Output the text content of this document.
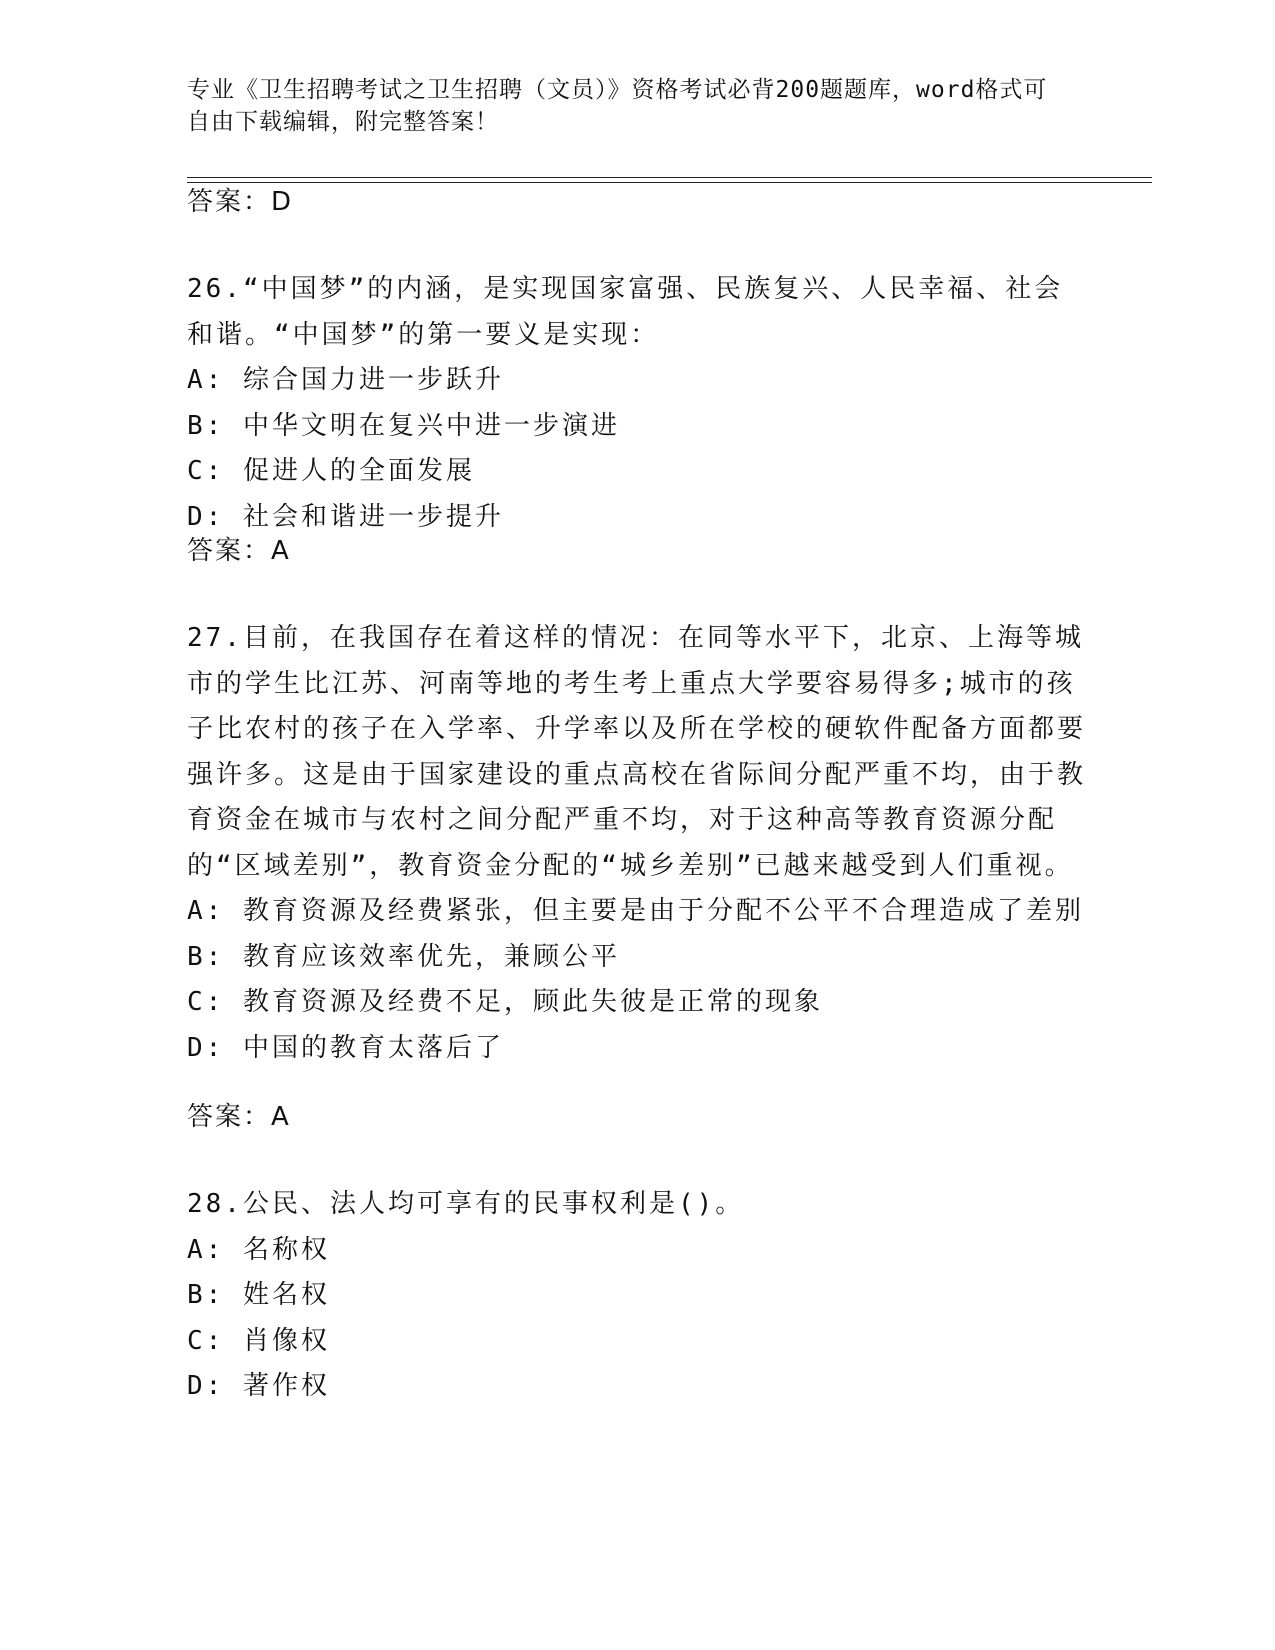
专业《卫生招聘考试之卫生招聘（文员）》资格考试必背200题题库，word格式可自由下载编辑，附完整答案！
答案：D

26.“中国梦”的内涵，是实现国家富强、民族复兴、人民幸福、社会和谐。“中国梦”的第一要义是实现：

A: 综合国力进一步跃升

B: 中华文明在复兴中进一步演进

C: 促进人的全面发展

D: 社会和谐进一步提升

答案：A

27.目前，在我国存在着这样的情况：在同等水平下，北京、上海等城市的学生比江苏、河南等地的考生考上重点大学要容易得多;城市的孩子比农村的孩子在入学率、升学率以及所在学校的硬软件配备方面都要强许多。这是由于国家建设的重点高校在省际间分配严重不均，由于教育资金在城市与农村之间分配严重不均，对于这种高等教育资源分配的“区域差别”，教育资金分配的“城乡差别”已越来越受到人们重视。

A: 教育资源及经费紧张，但主要是由于分配不公平不合理造成了差别

B: 教育应该效率优先，兼顾公平

C: 教育资源及经费不足，顾此失彼是正常的现象

D: 中国的教育太落后了

答案：A

28.公民、法人均可享有的民事权利是()。

A: 名称权

B: 姓名权

C: 肖像权

D: 著作权
